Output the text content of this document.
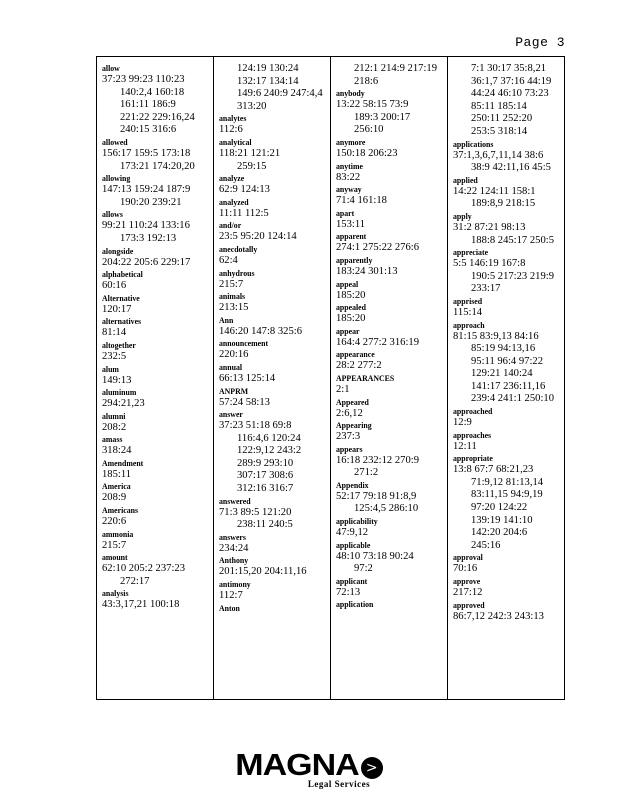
Page 3
allow
37:23 99:23 110:23
140:2,4 160:18
161:11 186:9
221:22 229:16,24
240:15 316:6
allowed
156:17 159:5 173:18
173:21 174:20,20
allowing
147:13 159:24 187:9
190:20 239:21
allows
99:21 110:24 133:16
173:3 192:13
alongside
204:22 205:6 229:17
alphabetical
60:16
Alternative
120:17
alternatives
81:14
altogether
232:5
alum
149:13
aluminum
294:21,23
alumni
208:2
amass
318:24
Amendment
185:11
America
208:9
Americans
220:6
ammonia
215:7
amount
62:10 205:2 237:23
272:17
analysis
43:3,17,21 100:18
124:19 130:24
132:17 134:14
149:6 240:9 247:4,4
313:20
analytes
112:6
analytical
118:21 121:21
259:15
analyze
62:9 124:13
analyzed
11:11 112:5
and/or
23:5 95:20 124:14
anecdotally
62:4
anhydrous
215:7
animals
213:15
Ann
146:20 147:8 325:6
announcement
220:16
annual
66:13 125:14
ANPRM
57:24 58:13
answer
37:23 51:18 69:8
116:4,6 120:24
122:9,12 243:2
289:9 293:10
307:17 308:6
312:16 316:7
answered
71:3 89:5 121:20
238:11 240:5
answers
234:24
Anthony
201:15,20 204:11,16
antimony
112:7
Anton
212:1 214:9 217:19
218:6
anybody
13:22 58:15 73:9
189:3 200:17
256:10
anymore
150:18 206:23
anytime
83:22
anyway
71:4 161:18
apart
153:11
apparent
274:1 275:22 276:6
apparently
183:24 301:13
appeal
185:20
appealed
185:20
appear
164:4 277:2 316:19
appearance
28:2 277:2
APPEARANCES
2:1
Appeared
2:6,12
Appearing
237:3
appears
16:18 232:12 270:9
271:2
Appendix
52:17 79:18 91:8,9
125:4,5 286:10
applicability
47:9,12
applicable
48:10 73:18 90:24
97:2
applicant
72:13
application
7:1 30:17 35:8,21
36:1,7 37:16 44:19
44:24 46:10 73:23
85:11 185:14
250:11 252:20
253:5 318:14
applications
37:1,3,6,7,11,14 38:6
38:9 42:11,16 45:5
applied
14:22 124:11 158:1
189:8,9 218:15
apply
31:2 87:21 98:13
188:8 245:17 250:5
appreciate
5:5 146:19 167:8
190:5 217:23 219:9
233:17
apprised
115:14
approach
81:15 83:9,13 84:16
85:19 94:13,16
95:11 96:4 97:22
129:21 140:24
141:17 236:11,16
239:4 241:1 250:10
approached
12:9
approaches
12:11
appropriate
13:8 67:7 68:21,23
71:9,12 81:13,14
83:11,15 94:9,19
97:20 124:22
139:19 141:10
142:20 204:6
245:16
approval
70:16
approve
217:12
approved
86:7,12 242:3 243:13
MAGNA >
Legal Services
